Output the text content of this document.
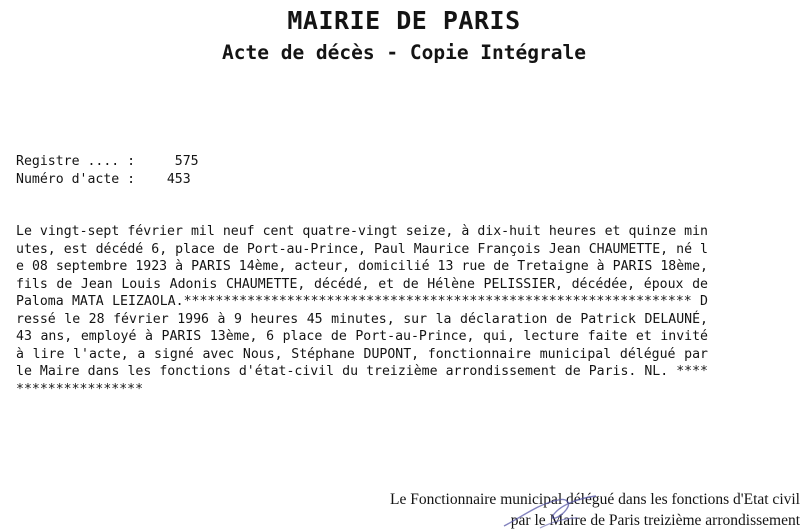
MAIRIE DE PARIS
Acte de décès - Copie Intégrale
Registre .... :     575
Numéro d'acte :    453
Le vingt-sept février mil neuf cent quatre-vingt seize, à dix-huit heures et quinze minutes, est décédé 6, place de Port-au-Prince, Paul Maurice François Jean CHAUMETTE, né le 08 septembre 1923 à PARIS 14ème, acteur, domicilié 13 rue de Tretaigne à PARIS 18ème, fils de Jean Louis Adonis CHAUMETTE, décédé, et de Hélène PELISSIER, décédée, époux de Paloma MATA LEIZAOLA.**************************************************************** Dressé le 28 février 1996 à 9 heures 45 minutes, sur la déclaration de Patrick DELAUNÉ, 43 ans, employé à PARIS 13ème, 6 place de Port-au-Prince, qui, lecture faite et invité à lire l'acte, a signé avec Nous, Stéphane DUPONT, fonctionnaire municipal délégué par le Maire dans les fonctions d'état-civil du treizième arrondissement de Paris. NL. ********************
Le Fonctionnaire municipal délégué dans les fonctions d'Etat civil
par le Maire de Paris treizième arrondissement
